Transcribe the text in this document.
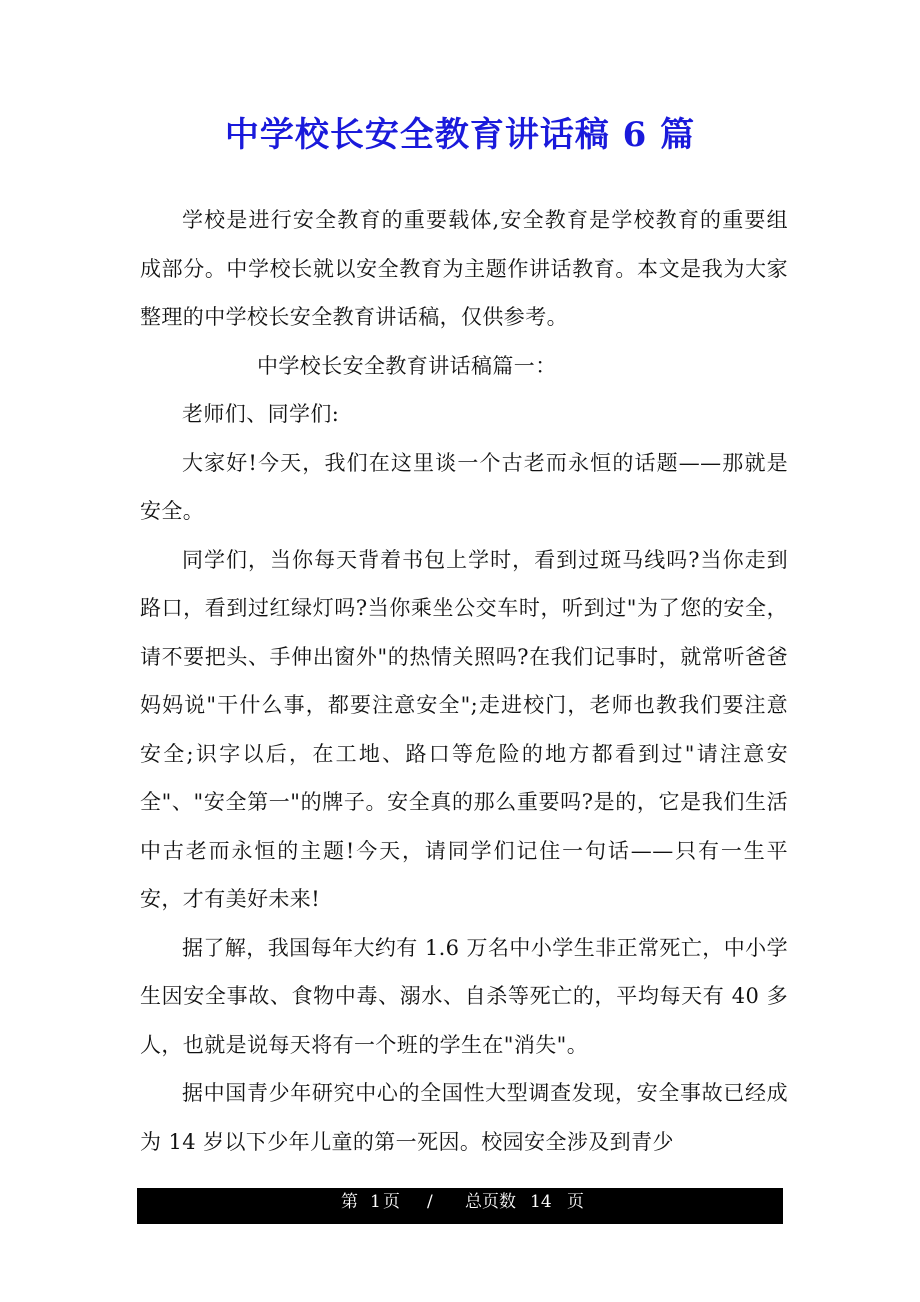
中学校长安全教育讲话稿 6 篇

学校是进行安全教育的重要载体,安全教育是学校教育的重要组成部分。中学校长就以安全教育为主题作讲话教育。本文是我为大家整理的中学校长安全教育讲话稿，仅供参考。

中学校长安全教育讲话稿篇一：

老师们、同学们:

大家好!今天，我们在这里谈一个古老而永恒的话题——那就是安全。

同学们，当你每天背着书包上学时，看到过斑马线吗?当你走到路口，看到过红绿灯吗?当你乘坐公交车时，听到过"为了您的安全，请不要把头、手伸出窗外"的热情关照吗?在我们记事时，就常听爸爸妈妈说"干什么事，都要注意安全";走进校门，老师也教我们要注意安全;识字以后，在工地、路口等危险的地方都看到过"请注意安全"、"安全第一"的牌子。安全真的那么重要吗?是的，它是我们生活中古老而永恒的主题!今天，请同学们记住一句话——只有一生平安，才有美好未来!

据了解，我国每年大约有 1.6 万名中小学生非正常死亡，中小学生因安全事故、食物中毒、溺水、自杀等死亡的，平均每天有 40 多人，也就是说每天将有一个班的学生在"消失"。

据中国青少年研究中心的全国性大型调查发现，安全事故已经成为 14 岁以下少年儿童的第一死因。校园安全涉及到青少

第 1 页 / 总页数 14 页
